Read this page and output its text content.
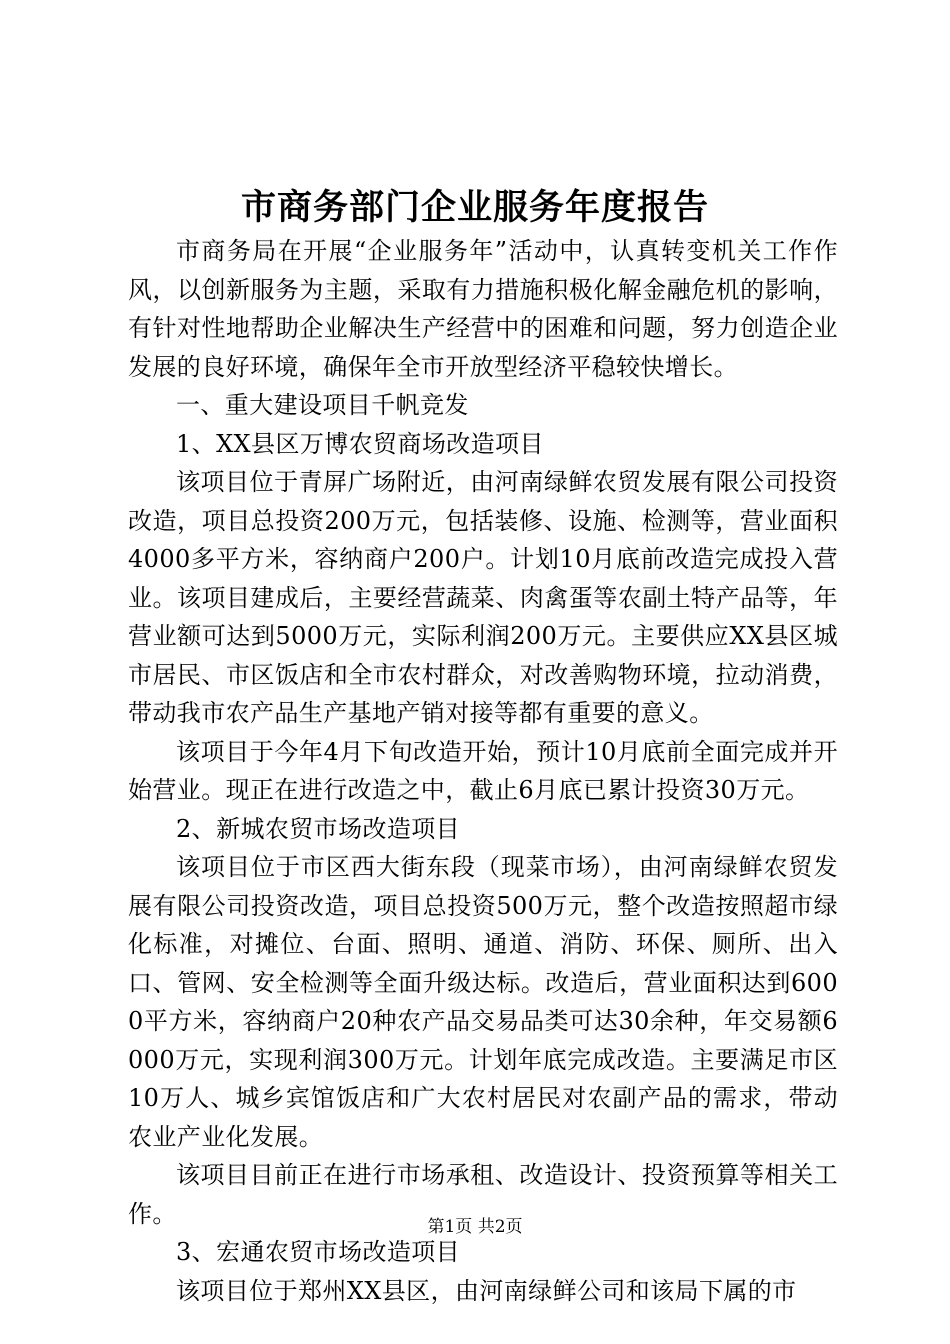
市商务部门企业服务年度报告

市商务局在开展“企业服务年”活动中，认真转变机关工作作风，以创新服务为主题，采取有力措施积极化解金融危机的影响，有针对性地帮助企业解决生产经营中的困难和问题，努力创造企业发展的良好环境，确保年全市开放型经济平稳较快增长。

一、重大建设项目千帆竞发

1、XX县区万博农贸商场改造项目

该项目位于青屏广场附近，由河南绿鲜农贸发展有限公司投资改造，项目总投资200万元，包括装修、设施、检测等，营业面积4000多平方米，容纳商户200户。计划10月底前改造完成投入营业。该项目建成后，主要经营蔬菜、肉禽蛋等农副土特产品等，年营业额可达到5000万元，实际利润200万元。主要供应XX县区城市居民、市区饭店和全市农村群众，对改善购物环境，拉动消费，带动我市农产品生产基地产销对接等都有重要的意义。

该项目于今年4月下旬改造开始，预计10月底前全面完成并开始营业。现正在进行改造之中，截止6月底已累计投资30万元。

2、新城农贸市场改造项目

该项目位于市区西大街东段（现菜市场），由河南绿鲜农贸发展有限公司投资改造，项目总投资500万元，整个改造按照超市绿化标准，对摊位、台面、照明、通道、消防、环保、厕所、出入口、管网、安全检测等全面升级达标。改造后，营业面积达到6000平方米，容纳商户20种农产品交易品类可达30余种，年交易额6000万元，实现利润300万元。计划年底完成改造。主要满足市区10万人、城乡宾馆饭店和广大农村居民对农副产品的需求，带动农业产业化发展。

该项目目前正在进行市场承租、改造设计、投资预算等相关工作。

3、宏通农贸市场改造项目

该项目位于郑州XX县区，由河南绿鲜公司和该局下属的市

第1页 共2页
